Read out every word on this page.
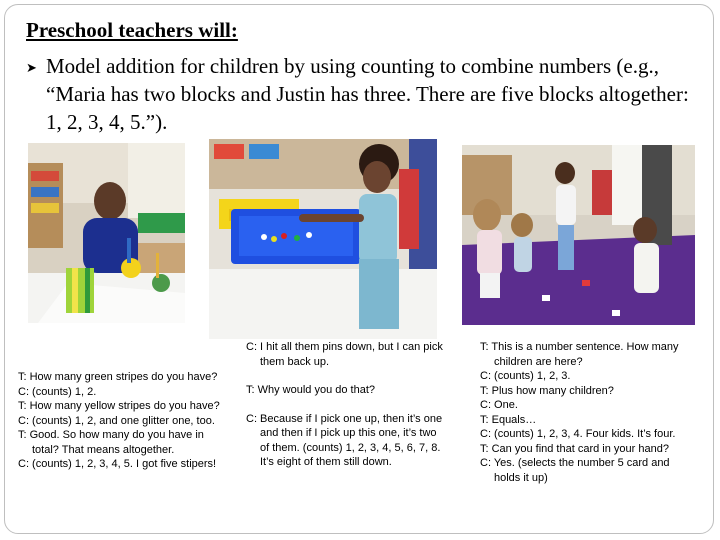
Preschool teachers will:
➤ Model addition for children by using counting to combine numbers (e.g., “Maria has two blocks and Justin has three. There are five blocks altogether: 1, 2, 3, 4, 5.”).

T: How many green stripes do you have?

C: (counts) 1, 2.

T: How many yellow stripes do you have?

C: (counts) 1, 2, and one glitter one, too.

T: Good. So how many do you have in total? That means altogether.

C: (counts) 1, 2, 3, 4, 5. I got five stipers!

C: I hit all them pins down, but I can pick them back up.

T: Why would you do that?

C: Because if I pick one up, then it’s one and then if I pick up this one, it’s two of them. (counts) 1, 2, 3, 4, 5, 6, 7, 8. It’s eight of them still down.

T: This is a number sentence. How many children are here?

C: (counts) 1, 2, 3.

T: Plus how many children?

C: One.

T: Equals…

C: (counts) 1, 2, 3, 4. Four kids. It’s four.

T: Can you find that card in your hand?

C: Yes. (selects the number 5 card and holds it up)
